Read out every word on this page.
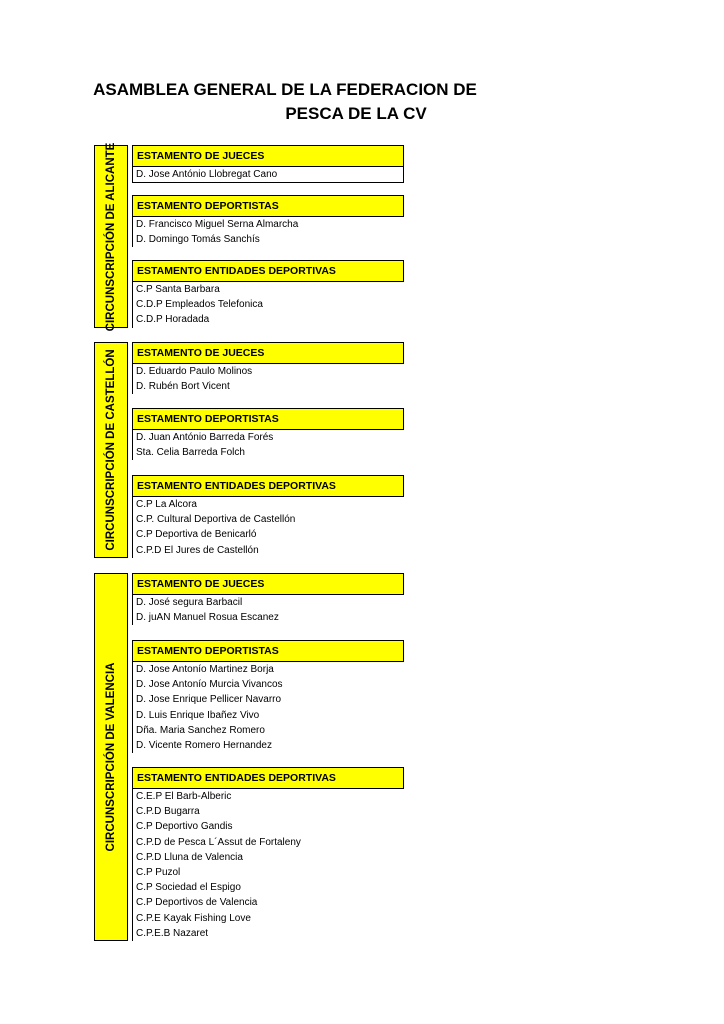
ASAMBLEA GENERAL DE LA FEDERACION DE
PESCA DE LA CV
CIRCUNSCRIPCIÓN DE ALICANTE	ESTAMENTO DE JUECES
D. Jose António Llobregat Cano
ESTAMENTO DEPORTISTAS
D. Francisco Miguel Serna Almarcha
D. Domingo Tomás Sanchís
ESTAMENTO ENTIDADES DEPORTIVAS
C.P Santa Barbara
C.D.P Empleados Telefonica
C.D.P Horadada
CIRCUNSCRIPCIÓN DE CASTELLÓN	ESTAMENTO DE JUECES
D. Eduardo Paulo Molinos
D. Rubén Bort Vicent
ESTAMENTO DEPORTISTAS
D. Juan António Barreda Forés
Sta. Celia Barreda Folch
ESTAMENTO ENTIDADES DEPORTIVAS
C.P La Alcora
C.P. Cultural Deportiva de Castellón
C.P Deportiva de Benicarló
C.P.D El Jures de Castellón
CIRCUNSCRIPCIÓN DE VALENCIA
ESTAMENTO DE JUECES
D. José segura Barbacil
D. juAN Manuel Rosua Escanez
ESTAMENTO DEPORTISTAS
D. Jose Antonío Martinez Borja
D. Jose Antonío Murcia Vivancos
D. Jose Enrique Pellicer Navarro
D. Luis Enrique Ibañez Vivo
Dña. Maria Sanchez Romero
D. Vicente Romero Hernandez
ESTAMENTO ENTIDADES DEPORTIVAS
C.E.P El Barb-Alberic
C.P.D Bugarra
C.P Deportivo Gandis
C.P.D de Pesca L´Assut de Fortaleny
C.P.D Lluna de Valencia
C.P Puzol
C.P Sociedad el Espigo
C.P Deportivos de Valencia
C.P.E Kayak Fishing Love
C.P.E.B Nazaret
